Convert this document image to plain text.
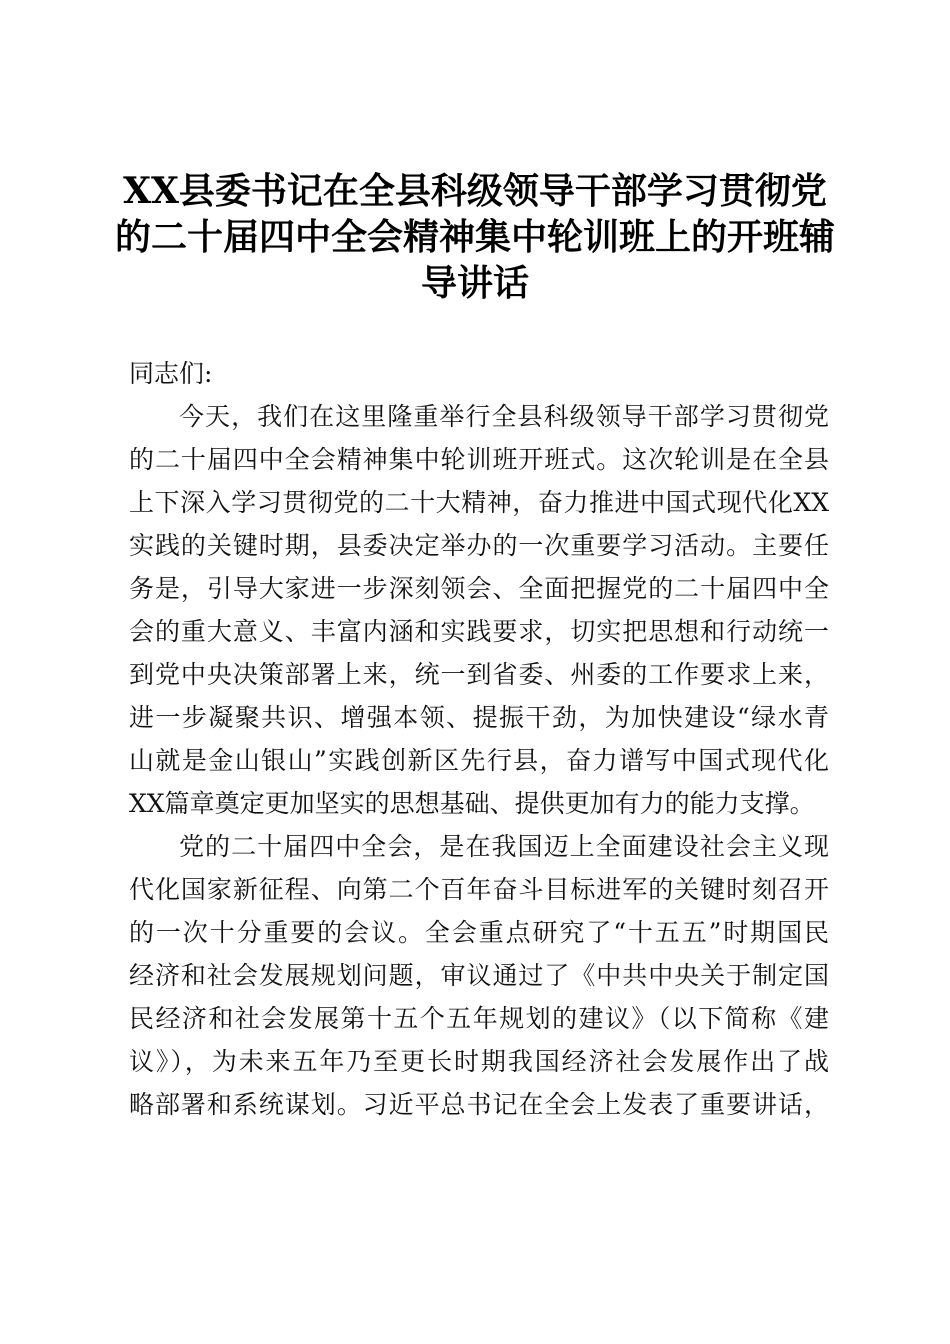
XX县委书记在全县科级领导干部学习贯彻党
的二十届四中全会精神集中轮训班上的开班辅
导讲话
同志们:
今天，我们在这里隆重举行全县科级领导干部学习贯彻党
的二十届四中全会精神集中轮训班开班式。这次轮训是在全县
上下深入学习贯彻党的二十大精神，奋力推进中国式现代化XX
实践的关键时期，县委决定举办的一次重要学习活动。主要任
务是，引导大家进一步深刻领会、全面把握党的二十届四中全
会的重大意义、丰富内涵和实践要求，切实把思想和行动统一
到党中央决策部署上来，统一到省委、州委的工作要求上来，
进一步凝聚共识、增强本领、提振干劲，为加快建设“绿水青
山就是金山银山”实践创新区先行县，奋力谱写中国式现代化
XX篇章奠定更加坚实的思想基础、提供更加有力的能力支撑。
党的二十届四中全会，是在我国迈上全面建设社会主义现
代化国家新征程、向第二个百年奋斗目标进军的关键时刻召开
的一次十分重要的会议。全会重点研究了“十五五”时期国民
经济和社会发展规划问题，审议通过了《中共中央关于制定国
民经济和社会发展第十五个五年规划的建议》（以下简称《建
议》），为未来五年乃至更长时期我国经济社会发展作出了战
略部署和系统谋划。习近平总书记在全会上发表了重要讲话，
